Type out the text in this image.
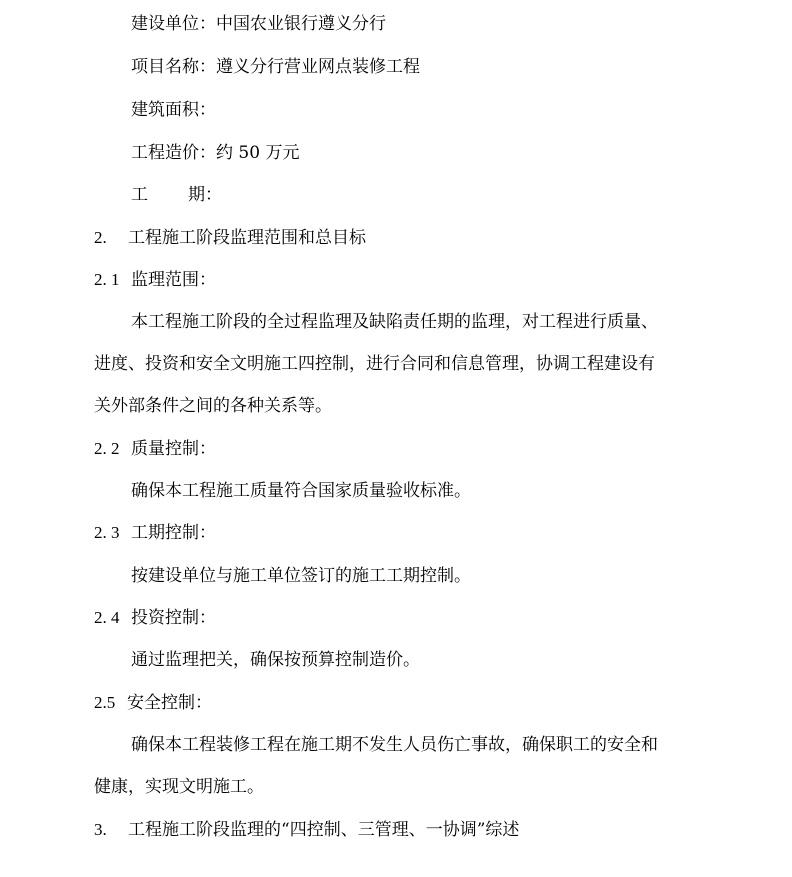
建设单位：中国农业银行遵义分行
项目名称：遵义分行营业网点装修工程
建筑面积：
工程造价：约 50 万元
工 期：
2. 工程施工阶段监理范围和总目标
2. 1 监理范围：
本工程施工阶段的全过程监理及缺陷责任期的监理，对工程进行质量、
进度、投资和安全文明施工四控制，进行合同和信息管理，协调工程建设有
关外部条件之间的各种关系等。
2. 2 质量控制：
确保本工程施工质量符合国家质量验收标准。
2. 3 工期控制：
按建设单位与施工单位签订的施工工期控制。
2. 4 投资控制：
通过监理把关，确保按预算控制造价。
2.5 安全控制：
确保本工程装修工程在施工期不发生人员伤亡事故，确保职工的安全和
健康，实现文明施工。
3. 工程施工阶段监理的“四控制、三管理、一协调”综述
